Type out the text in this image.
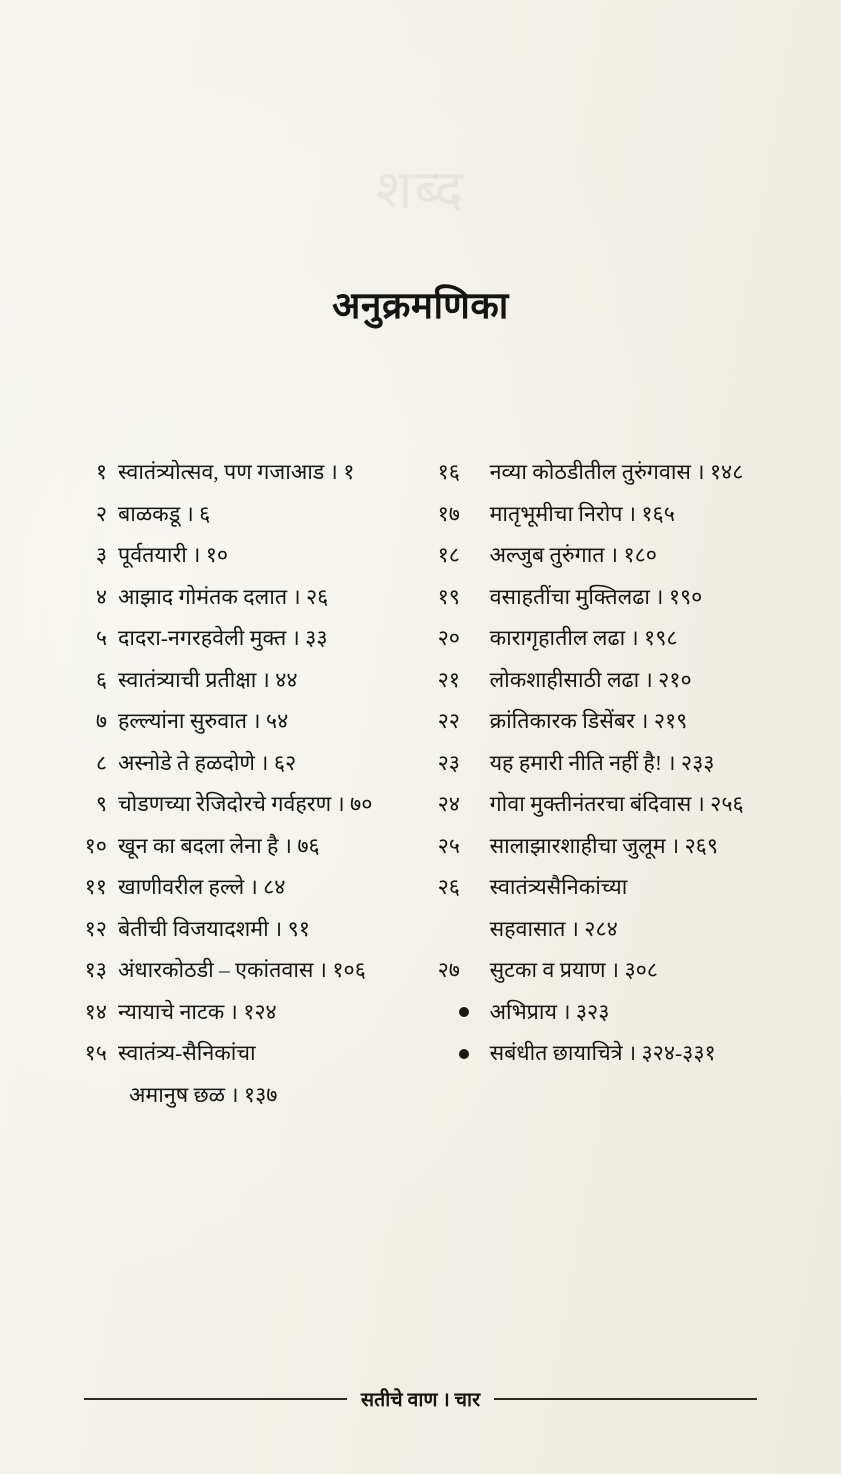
शब्द

अनुक्रमणिका
१ स्वातंत्र्योत्सव, पण गजाआड । १
२ बाळकडू । ६
३ पूर्वतयारी । १०
४ आझाद गोमंतक दलात । २६
५ दादरा-नगरहवेली मुक्त । ३३
६ स्वातंत्र्याची प्रतीक्षा । ४४
७ हल्ल्यांना सुरुवात । ५४
८ अस्नोडे ते हळदोणे । ६२
९ चोडणच्या रेजिदोरचे गर्वहरण । ७०
१० खून का बदला लेना है । ७६
११ खाणीवरील हल्ले । ८४
१२ बेतीची विजयादशमी । ९१
१३ अंधारकोठडी – एकांतवास । १०६
१४ न्यायाचे नाटक । १२४
१५ स्वातंत्र्य-सैनिकांचा
अमानुष छळ । १३७
१६	नव्या कोठडीतील तुरुंगवास । १४८
१७	मातृभूमीचा निरोप । १६५
१८	अल्जुब तुरुंगात । १८०
१९	वसाहतींचा मुक्तिलढा । १९०
२०	कारागृहातील लढा । १९८
२१	लोकशाहीसाठी लढा । २१०
२२	क्रांतिकारक डिसेंबर । २१९
२३	यह हमारी नीति नहीं है! । २३३
२४	गोवा मुक्तीनंतरचा बंदिवास । २५६
२५	सालाझारशाहीचा जुलूम । २६९
२६	स्वातंत्र्यसैनिकांच्या
सहवासात । २८४
२७	सुटका व प्रयाण । ३०८
अभिप्राय । ३२३
सबंधीत छायाचित्रे । ३२४-३३१
सतीचे वाण । चार
